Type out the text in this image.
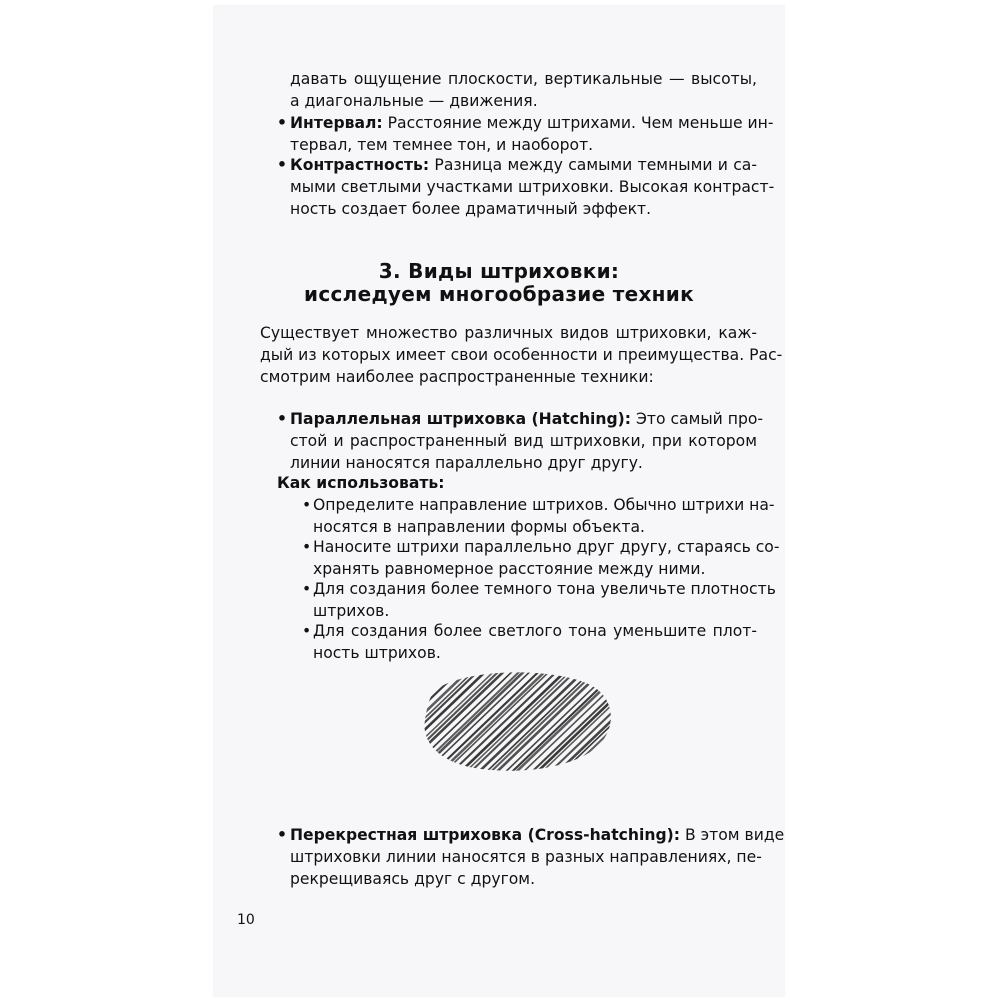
давать ощущение плоскости, вертикальные — высоты,
а диагональные — движения.
• Интервал: Расстояние между штрихами. Чем меньше ин-
тервал, тем темнее тон, и наоборот.
• Контрастность: Разница между самыми темными и са-
мыми светлыми участками штриховки. Высокая контраст-
ность создает более драматичный эффект.
3. Виды штриховки:
исследуем многообразие техник
Существует множество различных видов штриховки, каж-
дый из которых имеет свои особенности и преимущества. Рас-
смотрим наиболее распространенные техники:
• Параллельная штриховка (Hatching): Это самый про-
стой и распространенный вид штриховки, при котором
линии наносятся параллельно друг другу.
Как использовать:
• Определите направление штрихов. Обычно штрихи на-
носятся в направлении формы объекта.
• Наносите штрихи параллельно друг другу, стараясь со-
хранять равномерное расстояние между ними.
• Для создания более темного тона увеличьте плотность
штрихов.
• Для создания более светлого тона уменьшите плот-
ность штрихов.
• Перекрестная штриховка (Cross-hatching): В этом виде
штриховки линии наносятся в разных направлениях, пе-
рекрещиваясь друг с другом.
10
